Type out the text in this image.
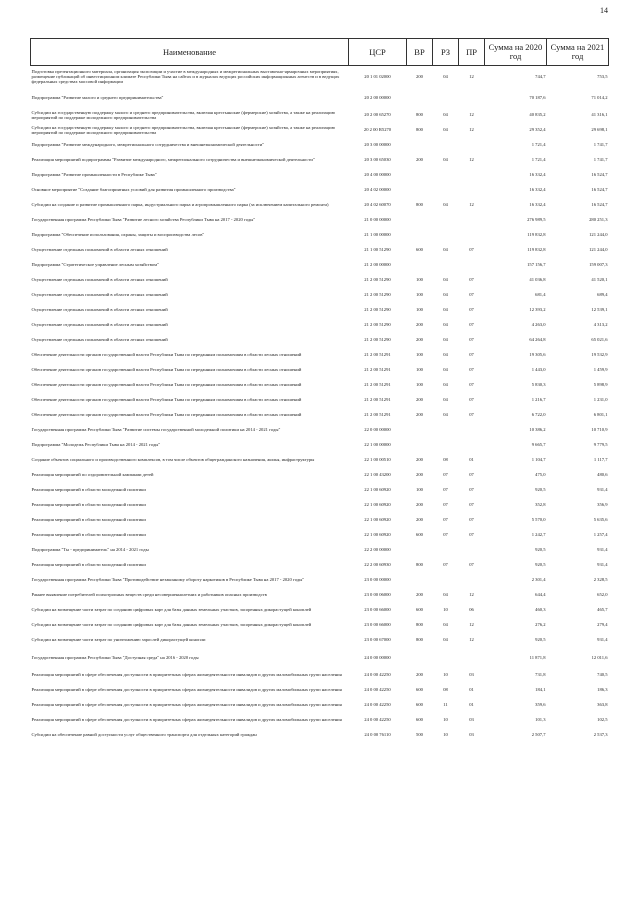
14
Наименование	ЦСР	ВР	РЗ	ПР	Сумма на 2020 год	Сумма на 2021 год
Подготовка презентационного материала, организация экспозиции и участие в международных и межрегиональных выставочно-ярмарочных мероприятиях, размещение публикаций об инвестиционном климате Республики Тыва на сайтах и в журналах ведущих российских информационных агентств и в ведущих федеральных средствах массовой информации	20 1 01 02000	200	04	12	744,7	753,5
Подпрограмма "Развитие малого и среднего предпринимательства"	20 2 00 00000				70 187,6	71 014,2
Субсидии на государственную поддержку малого и среднего предпринимательства, включая крестьянские (фермерские) хозяйства, а также на реализацию мероприятий по поддержке молодежного предпринимательства	20 2 00 65270	800	04	12	40 835,2	41 316,1
Субсидии на государственную поддержку малого и среднего предпринимательства, включая крестьянские (фермерские) хозяйства, а также на реализацию мероприятий по поддержке молодежного предпринимательства	20 2 00 R5270	800	04	12	29 352,4	29 698,1
Подпрограмма "Развитие международного, межрегионального сотрудничества и внешнеэкономической деятельности"	20 3 00 00000				1 721,4	1 741,7
Реализация мероприятий подпрограммы "Развитие международного, межрегионального сотрудничества и внешнеэкономической деятельности"	20 3 00 65030	200	04	12	1 721,4	1 741,7
Подпрограмма "Развитие промышленности в Республике Тыва"	20 4 00 00000				16 332,4	16 524,7
Основное мероприятие "Создание благоприятных условий для развития промышленного производства"	20 4 02 00000				16 332,4	16 524,7
Субсидии на создание и развитие промышленного парка, индустриального парка и агропромышленного парка (за исключением капитального ремонта)	20 4 02 60070	800	04	12	16 332,4	16 524,7
Государственная программа Республики Тыва "Развитие лесного хозяйства Республики Тыва на 2017 - 2020 годы"	21 0 00 00000				276 989,5	280 251,3
Подпрограмма "Обеспечение использования, охраны, защиты и воспроизводства лесов"	21 1 00 00000				119 832,8	121 244,0
Осуществление отдельных полномочий в области лесных отношений	21 1 00 51290	600	04	07	119 832,8	121 244,0
Подпрограмма "Стратегическое управление лесным хозяйством"	21 2 00 00000				157 156,7	159 007,3
Осуществление отдельных полномочий в области лесных отношений	21 2 00 51290	100	04	07	41 036,8	41 520,1
Осуществление отдельных полномочий в области лесных отношений	21 2 00 51290	100	04	07	681,4	689,4
Осуществление отдельных полномочий в области лесных отношений	21 2 00 51290	100	04	07	12 393,2	12 539,1
Осуществление отдельных полномочий в области лесных отношений	21 2 00 51290	200	04	07	4 263,0	4 313,2
Осуществление отдельных полномочий в области лесных отношений	21 2 00 51290	200	04	07	64 264,8	65 021,6
Обеспечение деятельности органов государственной власти Республики Тыва по переданным полномочиям в области лесных отношений	21 2 00 51291	100	04	07	19 305,6	19 532,9
Обеспечение деятельности органов государственной власти Республики Тыва по переданным полномочиям в области лесных отношений	21 2 00 51291	100	04	07	1 443,0	1 459,9
Обеспечение деятельности органов государственной власти Республики Тыва по переданным полномочиям в области лесных отношений	21 2 00 51291	100	04	07	5 830,3	5 898,9
Обеспечение деятельности органов государственной власти Республики Тыва по переданным полномочиям в области лесных отношений	21 2 00 51291	200	04	07	1 216,7	1 231,0
Обеспечение деятельности органов государственной власти Республики Тыва по переданным полномочиям в области лесных отношений	21 2 00 51291	200	04	07	6 722,0	6 801,1
Государственная программа Республики Тыва "Развитие системы государственной молодежной политики на 2014 - 2021 годы"	22 0 00 00000				10 386,2	10 710,9
Подпрограмма "Молодежь Республики Тыва на 2014 - 2021 годы"	22 1 00 00000				9 665,7	9 779,5
Создание объектов социального и производственного комплексов, в том числе объектов общегражданского назначения, жилья, инфраструктуры	22 1 00 00510	200	08	01	1 104,7	1 117,7
Реализация мероприятий по оздоровительной кампании детей	22 1 00 43200	200	07	07	475,0	480,6
Реализация мероприятий в области молодежной политики	22 1 00 60920	100	07	07	920,5	931,4
Реализация мероприятий в области молодежной политики	22 1 00 60920	200	07	07	352,8	356,9
Реализация мероприятий в области молодежной политики	22 1 00 60920	200	07	07	5 570,0	5 635,6
Реализация мероприятий в области молодежной политики	22 1 00 60920	600	07	07	1 242,7	1 257,4
Подпрограмма "Ты - предприниматель" на 2014 - 2021 годы	22 2 00 00000				920,5	931,4
Реализация мероприятий в области молодежной политики	22 2 00 60930	800	07	07	920,5	931,4
Государственная программа Республики Тыва "Противодействие незаконному обороту наркотиков в Республике Тыва на 2017 - 2020 годы"	23 0 00 00000				2 301,4	2 328,5
Раннее выявление потребителей психотропных веществ среди несовершеннолетних и работников опасных производств	23 0 00 06000	200	04	12	644,4	652,0
Субсидии на возмещение части затрат по созданию цифровых карт для базы данных земельных участков, засоренных дикорастущей коноплей	23 0 00 66000	600	10	06	460,3	465,7
Субсидии на возмещение части затрат по созданию цифровых карт для базы данных земельных участков, засоренных дикорастущей коноплей	23 0 00 66000	800	04	12	276,2	279,4
Субсидии на возмещение части затрат по уничтожению зарослей дикорастущей конопли	23 0 00 67000	800	04	12	920,5	931,4
Государственная программа Республики Тыва "Доступная среда" на 2016 - 2020 годы	24 0 00 00000				11 871,8	12 011,6
Реализация мероприятий в сфере обеспечения доступности в приоритетных сферах жизнедеятельности инвалидов и других маломобильных групп населения	24 0 00 42250	200	10	03	731,8	740,5
Реализация мероприятий в сфере обеспечения доступности в приоритетных сферах жизнедеятельности инвалидов и других маломобильных групп населения	24 0 00 42250	600	08	01	184,1	186,3
Реализация мероприятий в сфере обеспечения доступности в приоритетных сферах жизнедеятельности инвалидов и других маломобильных групп населения	24 0 00 42250	600	11	01	359,6	363,8
Реализация мероприятий в сфере обеспечения доступности в приоритетных сферах жизнедеятельности инвалидов и других маломобильных групп населения	24 0 00 42250	600	10	03	101,3	102,5
Субсидии на обеспечение равной доступности услуг общественного транспорта для отдельных категорий граждан	24 0 00 76110	500	10	03	2 507,7	2 537,3
